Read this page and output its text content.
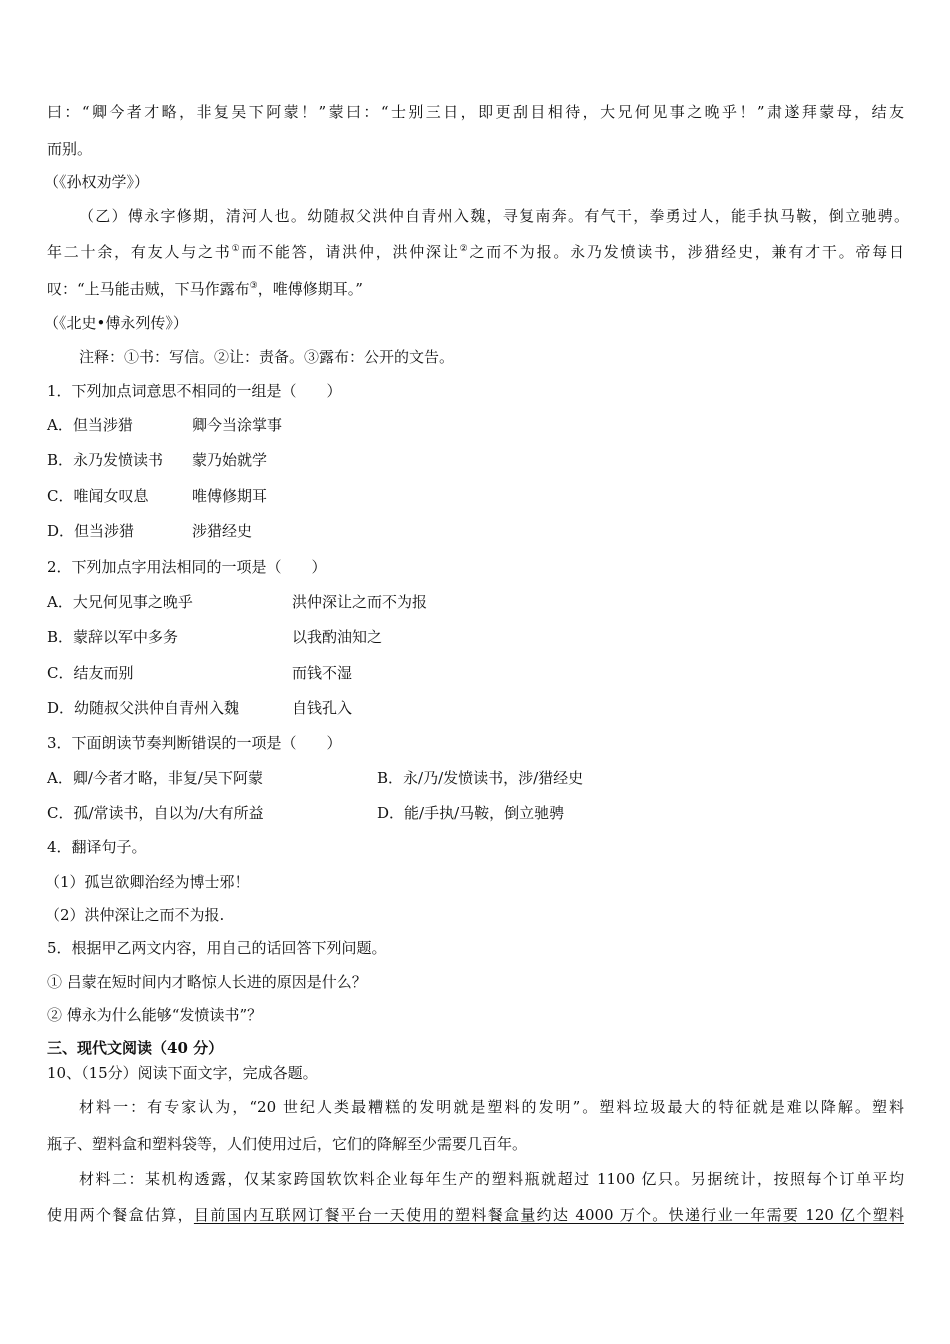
曰：“卿今者才略，非复吴下阿蒙！”蒙曰：“士别三日，即更刮目相待，大兄何见事之晚乎！”肃遂拜蒙母，结友
而别。
（《孙权劝学》）
（乙）傅永字修期，清河人也。幼随叔父洪仲自青州入魏，寻复南奔。有气干，拳勇过人，能手执马鞍，倒立驰骋。
年二十余，有友人与之书①而不能答，请洪仲，洪仲深让②之而不为报。永乃发愤读书，涉猎经史，兼有才干。帝每日
叹：“上马能击贼，下马作露布③，唯傅修期耳。”
（《北史•傅永列传》）
注释：①书：写信。②让：责备。③露布：公开的文告。
1．下列加点词意思不相同的一组是（　　）
A．但当涉猎	卿今当涂掌事
B．永乃发愤读书 蒙乃始就学
C．唯闻女叹息	唯傅修期耳
D．但当涉猎	涉猎经史
2．下列加点字用法相同的一项是（　　）
A．大兄何见事之晚乎	洪仲深让之而不为报
B．蒙辞以军中多务	以我酌油知之
C．结友而别	而钱不湿
D．幼随叔父洪仲自青州入魏	自钱孔入
3．下面朗读节奏判断错误的一项是（　　）
A．卿/今者才略，非复/吴下阿蒙	B．永/乃/发愤读书，涉/猎经史
C．孤/常读书，自以为/大有所益	D．能/手执/马鞍，倒立驰骋
4．翻译句子。
（1）孤岂欲卿治经为博士邪！
（2）洪仲深让之而不为报.
5．根据甲乙两文内容，用自己的话回答下列问题。
① 吕蒙在短时间内才略惊人长进的原因是什么？
② 傅永为什么能够“发愤读书”？
三、现代文阅读（40 分）
10、（15分）阅读下面文字，完成各题。
材料一：有专家认为，“20 世纪人类最糟糕的发明就是塑料的发明”。塑料垃圾最大的特征就是难以降解。塑料
瓶子、塑料盒和塑料袋等，人们使用过后，它们的降解至少需要几百年。
材料二：某机构透露，仅某家跨国软饮料企业每年生产的塑料瓶就超过 1100 亿只。另据统计，按照每个订单平均
使用两个餐盒估算，目前国内互联网订餐平台一天使用的塑料餐盒量约达 4000 万个。快递行业一年需要 120 亿个塑料
